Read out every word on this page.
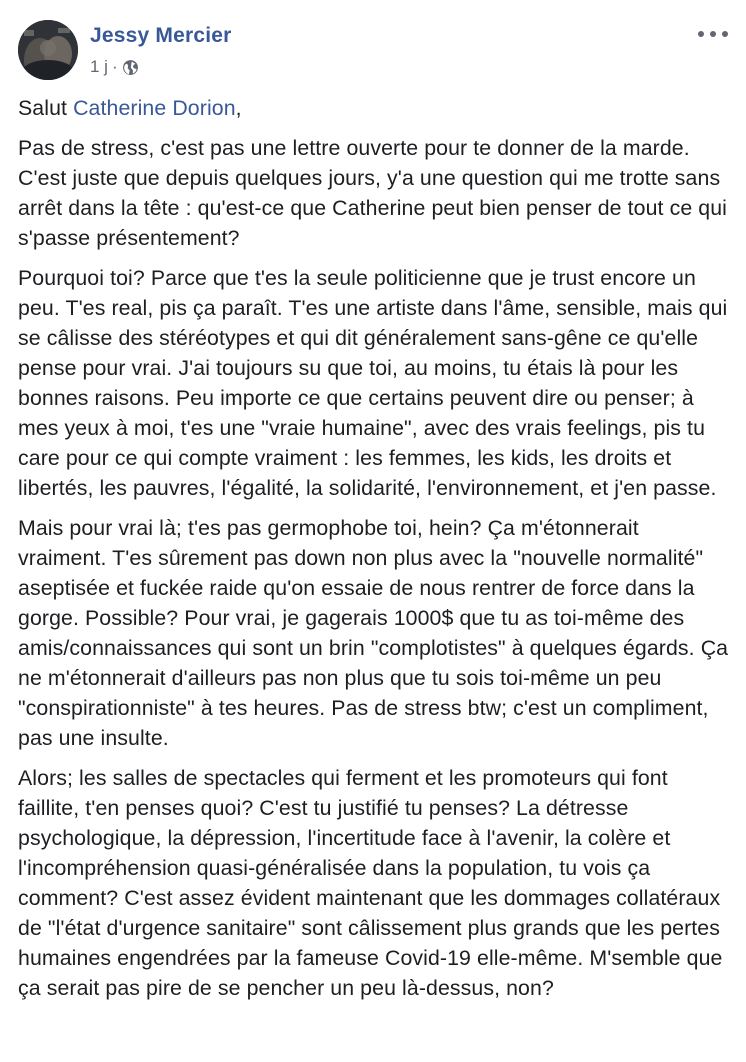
Jessy Mercier
1 j ·

Salut Catherine Dorion,

Pas de stress, c'est pas une lettre ouverte pour te donner de la marde. C'est juste que depuis quelques jours, y'a une question qui me trotte sans arrêt dans la tête : qu'est-ce que Catherine peut bien penser de tout ce qui s'passe présentement?

Pourquoi toi? Parce que t'es la seule politicienne que je trust encore un peu. T'es real, pis ça paraît. T'es une artiste dans l'âme, sensible, mais qui se câlisse des stéréotypes et qui dit généralement sans-gêne ce qu'elle pense pour vrai. J'ai toujours su que toi, au moins, tu étais là pour les bonnes raisons. Peu importe ce que certains peuvent dire ou penser; à mes yeux à moi, t'es une "vraie humaine", avec des vrais feelings, pis tu care pour ce qui compte vraiment : les femmes, les kids, les droits et libertés, les pauvres, l'égalité, la solidarité, l'environnement, et j'en passe.

Mais pour vrai là; t'es pas germophobe toi, hein? Ça m'étonnerait vraiment. T'es sûrement pas down non plus avec la "nouvelle normalité" aseptisée et fuckée raide qu'on essaie de nous rentrer de force dans la gorge. Possible? Pour vrai, je gagerais 1000$ que tu as toi-même des amis/connaissances qui sont un brin "complotistes" à quelques égards. Ça ne m'étonnerait d'ailleurs pas non plus que tu sois toi-même un peu "conspirationniste" à tes heures. Pas de stress btw; c'est un compliment, pas une insulte.

Alors; les salles de spectacles qui ferment et les promoteurs qui font faillite, t'en penses quoi? C'est tu justifié tu penses? La détresse psychologique, la dépression, l'incertitude face à l'avenir, la colère et l'incompréhension quasi-généralisée dans la population, tu vois ça comment? C'est assez évident maintenant que les dommages collatéraux de "l'état d'urgence sanitaire" sont câlissement plus grands que les pertes humaines engendrées par la fameuse Covid-19 elle-même. M'semble que ça serait pas pire de se pencher un peu là-dessus, non?
